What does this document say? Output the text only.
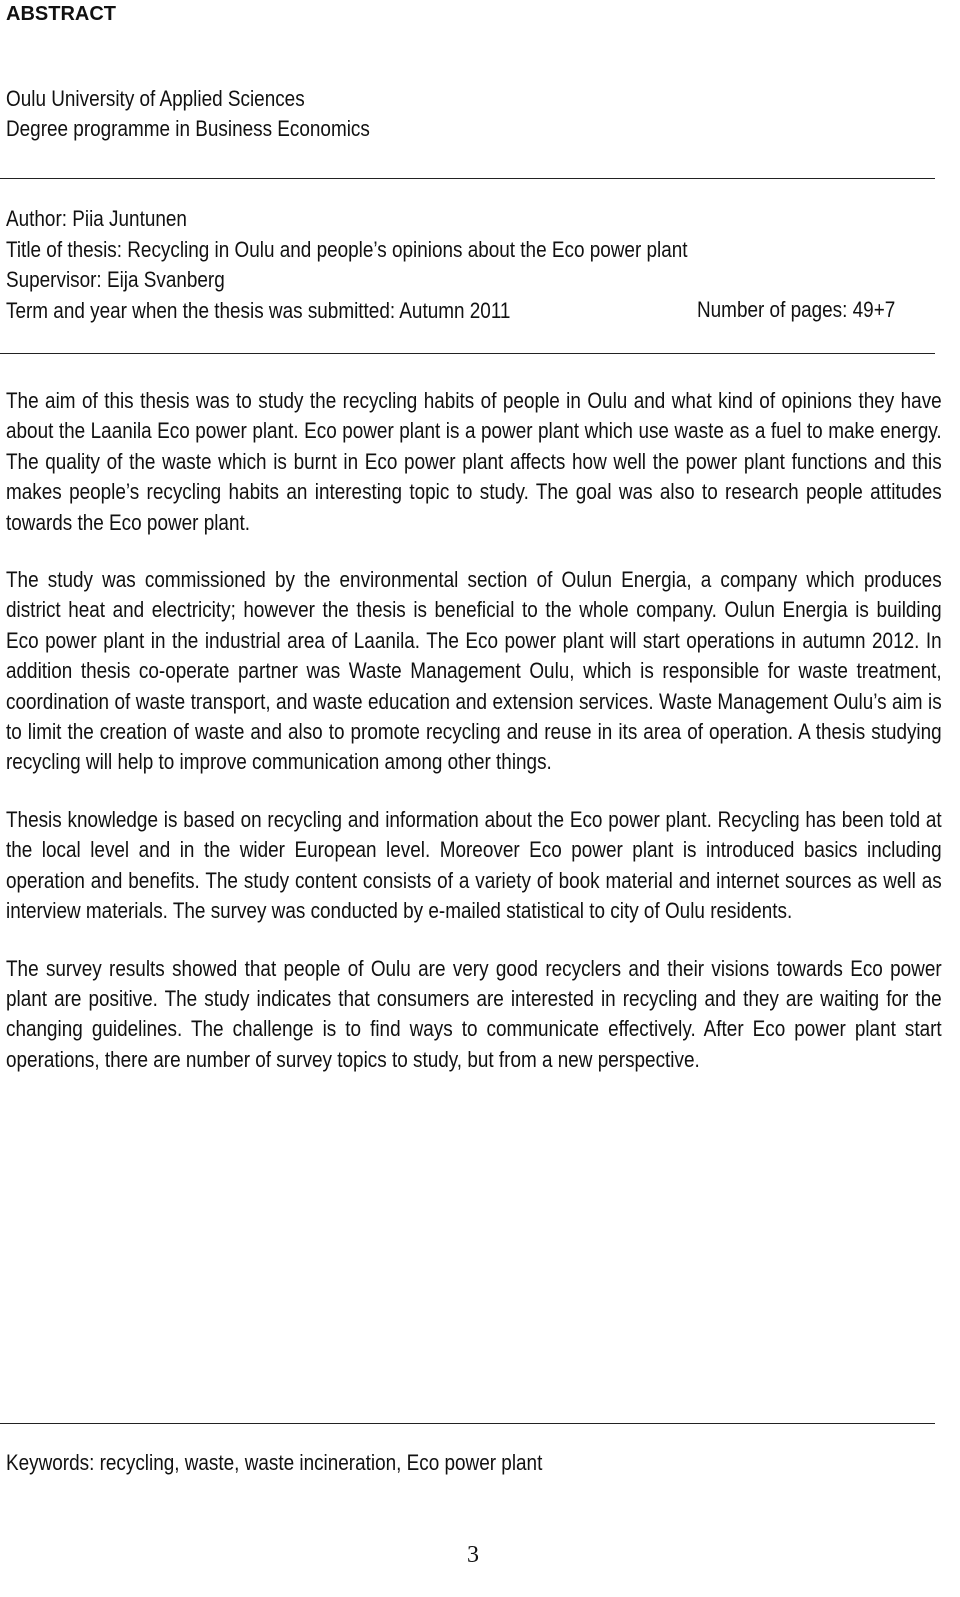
ABSTRACT
Oulu University of Applied Sciences
Degree programme in Business Economics
Author: Piia Juntunen
Title of thesis: Recycling in Oulu and people’s opinions about the Eco power plant
Supervisor: Eija Svanberg
Term and year when the thesis was submitted: Autumn 2011	Number of pages: 49+7

The aim of this thesis was to study the recycling habits of people in Oulu and what kind of opinions they have about the Laanila Eco power plant. Eco power plant is a power plant which use waste as a fuel to make energy. The quality of the waste which is burnt in Eco power plant affects how well the power plant functions and this makes people’s recycling habits an interesting topic to study. The goal was also to research people attitudes towards the Eco power plant.

The study was commissioned by the environmental section of Oulun Energia, a company which produces district heat and electricity; however the thesis is beneficial to the whole company. Oulun Energia is building Eco power plant in the industrial area of Laanila. The Eco power plant will start operations in autumn 2012. In addition thesis co-operate partner was Waste Management Oulu, which is responsible for waste treatment, coordination of waste transport, and waste education and extension services. Waste Management Oulu’s aim is to limit the creation of waste and also to promote recycling and reuse in its area of operation. A thesis studying recycling will help to improve communication among other things.

Thesis knowledge is based on recycling and information about the Eco power plant. Recycling has been told at the local level and in the wider European level. Moreover Eco power plant is introduced basics including operation and benefits. The study content consists of a variety of book material and internet sources as well as interview materials. The survey was conducted by e-mailed statistical to city of Oulu residents.

The survey results showed that people of Oulu are very good recyclers and their visions towards Eco power plant are positive. The study indicates that consumers are interested in recycling and they are waiting for the changing guidelines. The challenge is to find ways to communicate effectively. After Eco power plant start operations, there are number of survey topics to study, but from a new perspective.

Keywords: recycling, waste, waste incineration, Eco power plant
3
